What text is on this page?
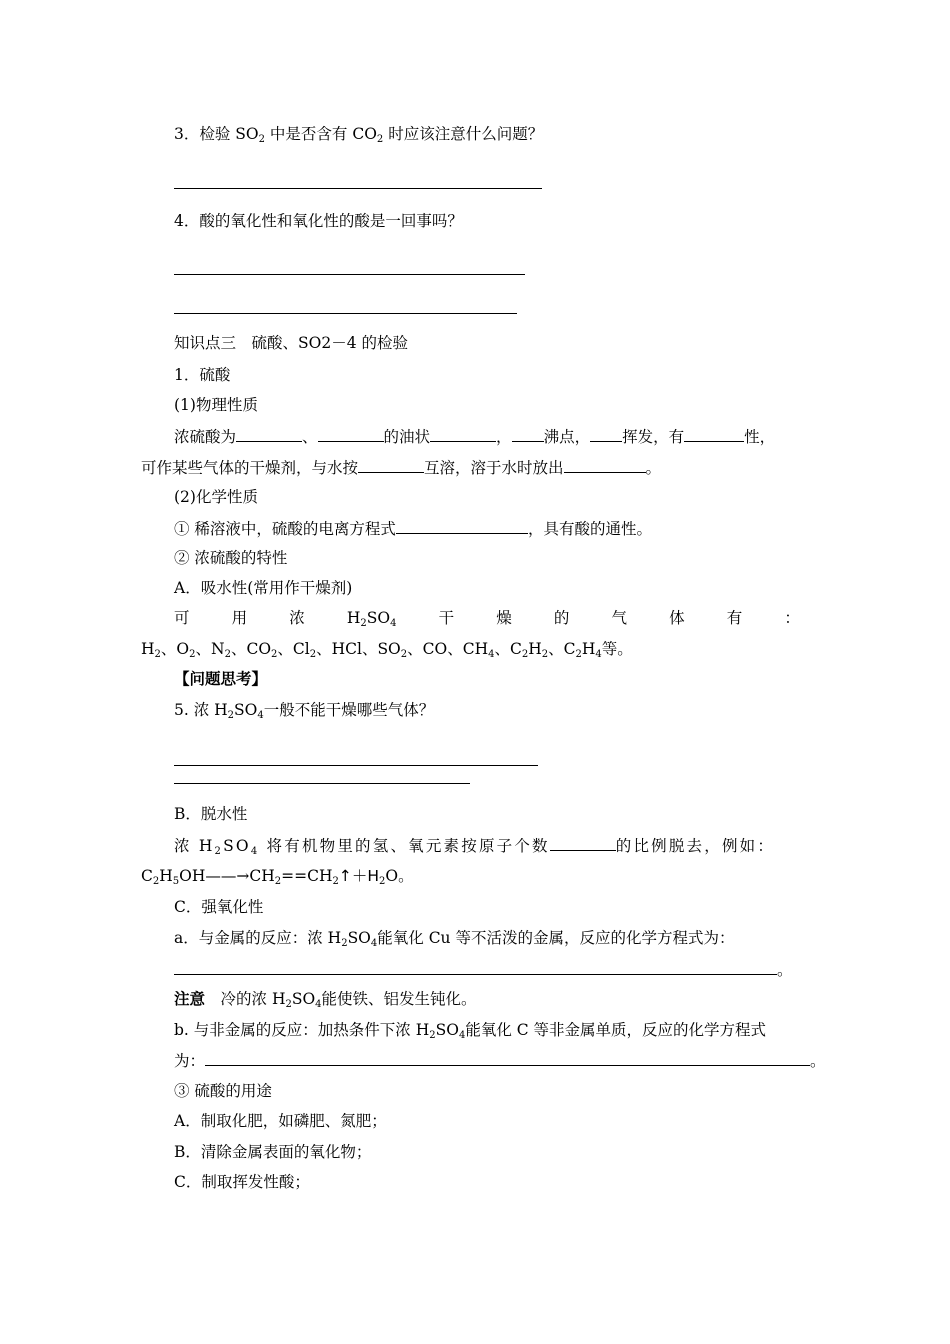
3．检验 $SO_2$ 中是否含有 $CO_2$ 时应该注意什么问题？
4．酸的氧化性和氧化性的酸是一回事吗？
知识点三　硫酸、SO2－4 的检验
1．硫酸
(1)物理性质
浓硫酸为	、	的油状	， 沸点， 挥发，有	性，
可作某些气体的干燥剂，与水按	互溶，溶于水时放出	。
(2)化学性质
① 稀溶液中，硫酸的电离方程式	，具有酸的通性。
② 浓硫酸的特性
A．吸水性(常用作干燥剂)
可	用	浓	$H_2SO_4$	干	燥	的	气	体	有	：
$H_2$、$O_2$、$N_2$、$CO_2$、$Cl_2$、HCl、$SO_2$、CO、$CH_4$、$C_2H_2$、$C_2H_4$等。
【问题思考】
5. 浓 $H_2SO_4$一般不能干燥哪些气体？
B．脱水性
浓 $H_2SO_4$ 将有机物里的氢、氧元素按原子个数	的比例脱去，例如：
$C_2H_5OH——\to CH_2==CH_2↑+H_2O$。
C．强氧化性
a．与金属的反应：浓 $H_2SO_4$能氧化 Cu 等不活泼的金属，反应的化学方程式为：
。
注意　冷的浓 $H_2SO_4$能使铁、铝发生钝化。
b. 与非金属的反应：加热条件下浓 $H_2SO_4$能氧化 C 等非金属单质，反应的化学方程式
为：	。
③ 硫酸的用途
A．制取化肥，如磷肥、氮肥；
B．清除金属表面的氧化物；
C．制取挥发性酸；
